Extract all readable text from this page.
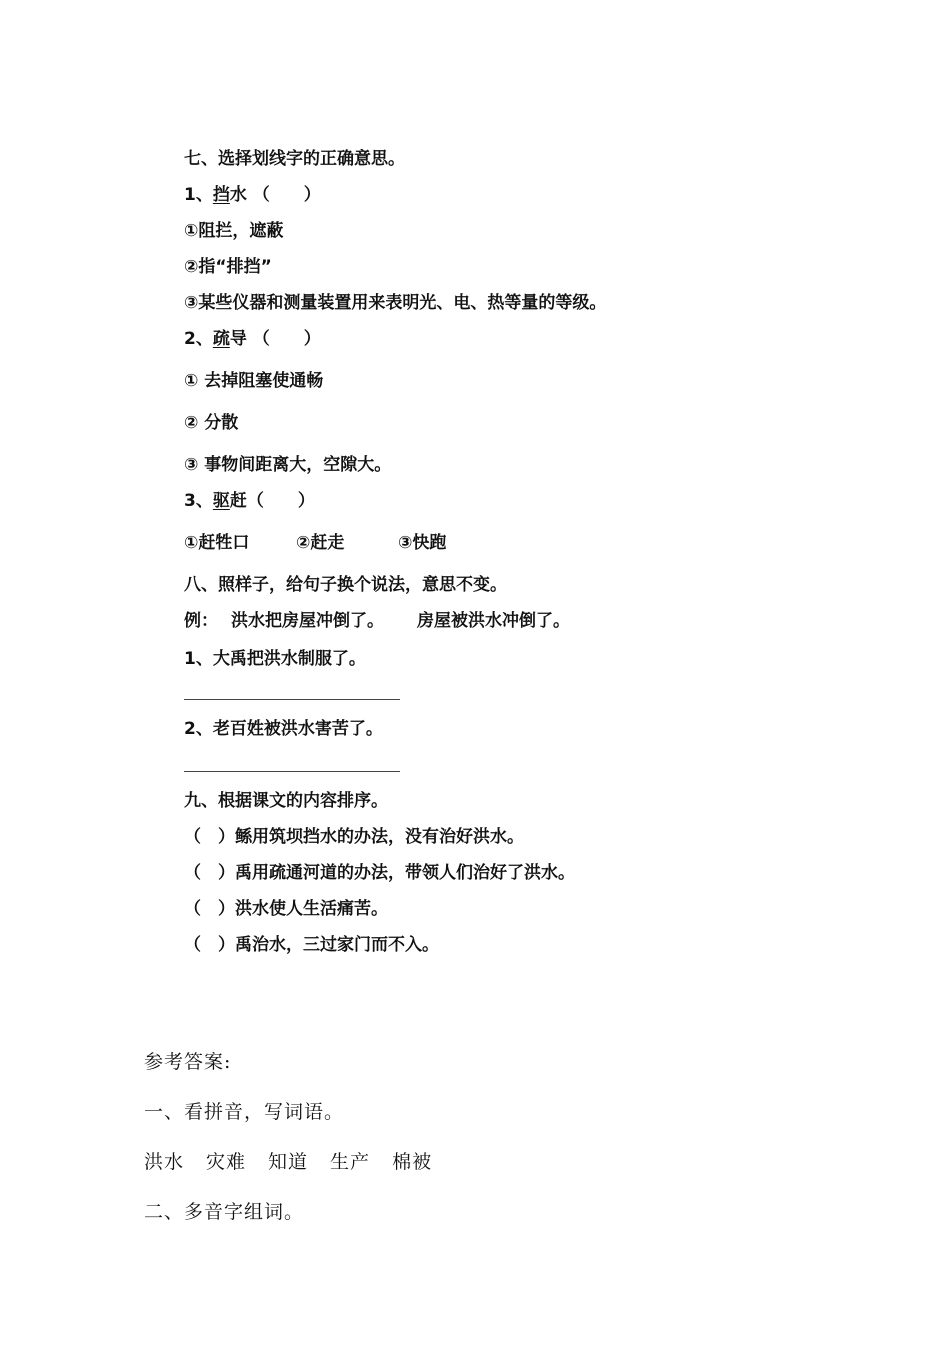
七、选择划线字的正确意思。
1、挡水 （　　）
①阻拦，遮蔽
②指“排挡”
③某些仪器和测量装置用来表明光、电、热等量的等级。
2、疏导 （　　）
① 去掉阻塞使通畅
② 分散
③ 事物间距离大，空隙大。
3、驱赶（　　）
①赶牲口	②赶走	③快跑
八、照样子，给句子换个说法，意思不变。
例： 洪水把房屋冲倒了。 房屋被洪水冲倒了。
1、大禹把洪水制服了。
2、老百姓被洪水害苦了。
九、根据课文的内容排序。
（　）鲧用筑坝挡水的办法，没有治好洪水。
（　）禹用疏通河道的办法，带领人们治好了洪水。
（　）洪水使人生活痛苦。
（　）禹治水，三过家门而不入。
参考答案:
一、看拼音，写词语。
洪水 灾难 知道 生产 棉被
二、多音字组词。
